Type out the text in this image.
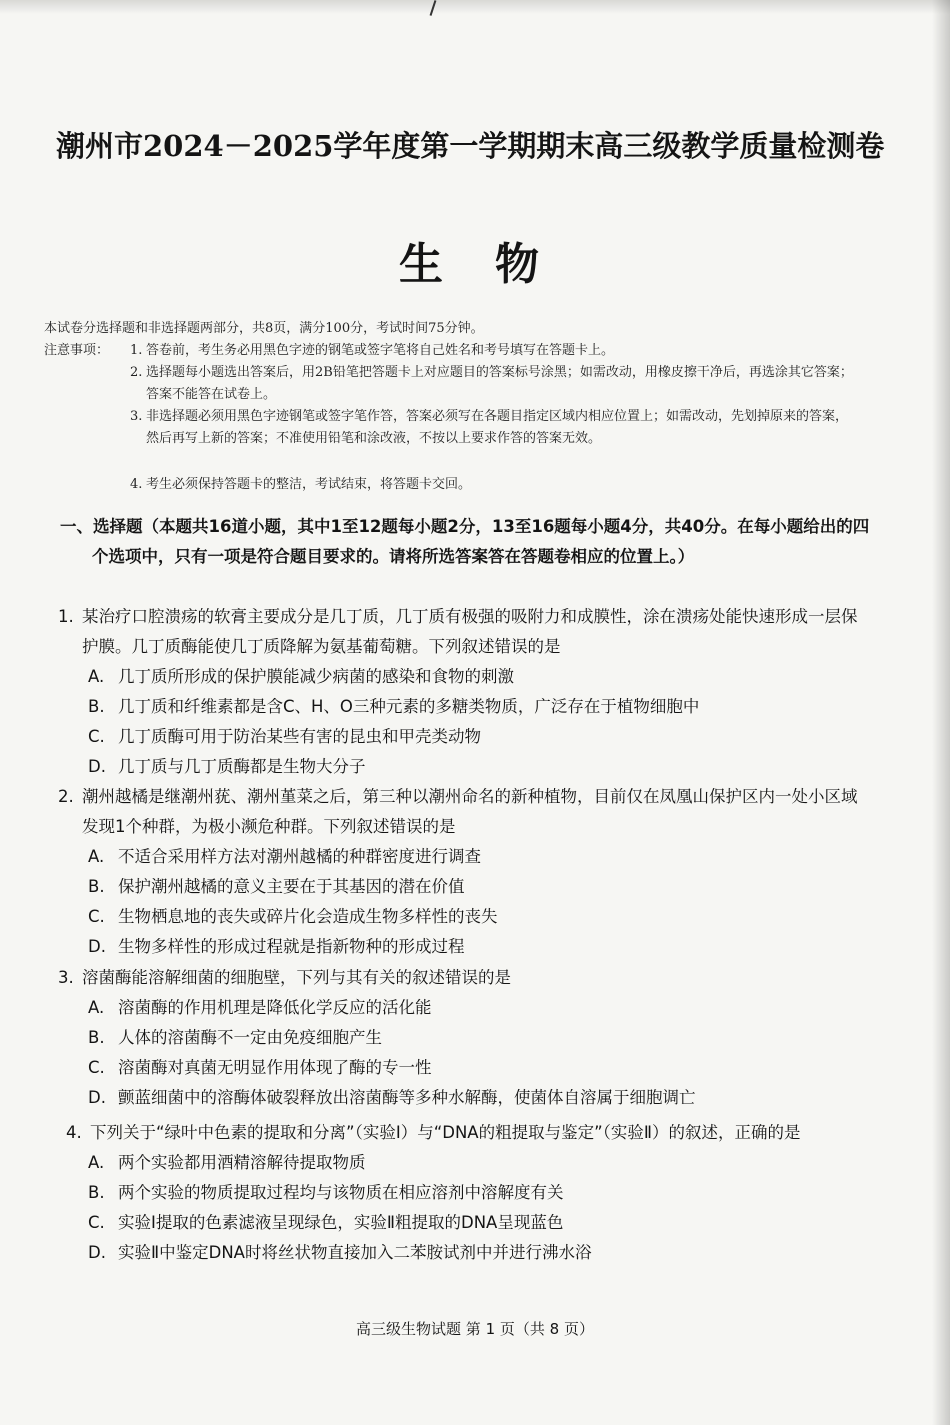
潮州市2024－2025学年度第一学期期末高三级教学质量检测卷
生物
本试卷分选择题和非选择题两部分，共8页，满分100分，考试时间75分钟。
注意事项： 1. 答卷前，考生务必用黑色字迹的钢笔或签字笔将自己姓名和考号填写在答题卡上。
2. 选择题每小题选出答案后，用2B铅笔把答题卡上对应题目的答案标号涂黑；如需改动，用橡皮擦干净后，再选涂其它答案；答案不能答在试卷上。
3. 非选择题必须用黑色字迹钢笔或签字笔作答，答案必须写在各题目指定区域内相应位置上；如需改动，先划掉原来的答案，然后再写上新的答案；不准使用铅笔和涂改液，不按以上要求作答的答案无效。
4. 考生必须保持答题卡的整洁，考试结束，将答题卡交回。
一、选择题（本题共16道小题，其中1至12题每小题2分，13至16题每小题4分，共40分。在每小题给出的四个选项中，只有一项是符合题目要求的。请将所选答案答在答题卷相应的位置上。）
1. 某治疗口腔溃疡的软膏主要成分是几丁质，几丁质有极强的吸附力和成膜性，涂在溃疡处能快速形成一层保护膜。几丁质酶能使几丁质降解为氨基葡萄糖。下列叙述错误的是
A. 几丁质所形成的保护膜能减少病菌的感染和食物的刺激
B. 几丁质和纤维素都是含C、H、O三种元素的多糖类物质，广泛存在于植物细胞中
C. 几丁质酶可用于防治某些有害的昆虫和甲壳类动物
D. 几丁质与几丁质酶都是生物大分子
2. 潮州越橘是继潮州莸、潮州堇菜之后，第三种以潮州命名的新种植物，目前仅在凤凰山保护区内一处小区域发现1个种群，为极小濒危种群。下列叙述错误的是
A. 不适合采用样方法对潮州越橘的种群密度进行调查
B. 保护潮州越橘的意义主要在于其基因的潜在价值
C. 生物栖息地的丧失或碎片化会造成生物多样性的丧失
D. 生物多样性的形成过程就是指新物种的形成过程
3. 溶菌酶能溶解细菌的细胞壁，下列与其有关的叙述错误的是
A. 溶菌酶的作用机理是降低化学反应的活化能
B. 人体的溶菌酶不一定由免疫细胞产生
C. 溶菌酶对真菌无明显作用体现了酶的专一性
D. 颤蓝细菌中的溶酶体破裂释放出溶菌酶等多种水解酶，使菌体自溶属于细胞调亡
4. 下列关于“绿叶中色素的提取和分离”（实验Ⅰ）与“DNA的粗提取与鉴定”（实验Ⅱ）的叙述，正确的是
A. 两个实验都用酒精溶解待提取物质
B. 两个实验的物质提取过程均与该物质在相应溶剂中溶解度有关
C. 实验Ⅰ提取的色素滤液呈现绿色，实验Ⅱ粗提取的DNA呈现蓝色
D. 实验Ⅱ中鉴定DNA时将丝状物直接加入二苯胺试剂中并进行沸水浴
高三级生物试题 第 1 页（共 8 页）
